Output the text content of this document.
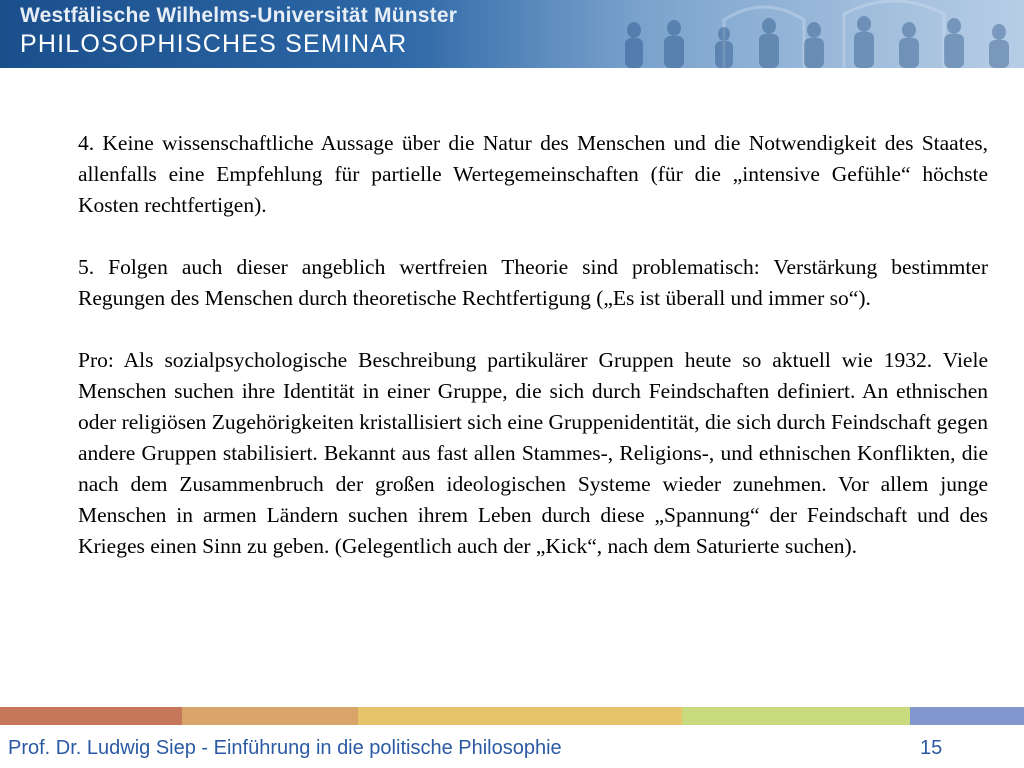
Westfälische Wilhelms-Universität Münster
PHILOSOPHISCHES SEMINAR

4. Keine wissenschaftliche Aussage über die Natur des Menschen und die Notwendigkeit des Staates, allenfalls eine Empfehlung für partielle Wertegemeinschaften (für die „intensive Gefühle“ höchste Kosten rechtfertigen).

5. Folgen auch dieser angeblich wertfreien Theorie sind problematisch: Verstärkung bestimmter Regungen des Menschen durch theoretische Rechtfertigung („Es ist überall und immer so“).

Pro: Als sozialpsychologische Beschreibung partikulärer Gruppen heute so aktuell wie 1932. Viele Menschen suchen ihre Identität in einer Gruppe, die sich durch Feindschaften definiert. An ethnischen oder religiösen Zugehörigkeiten kristallisiert sich eine Gruppenidentität, die sich durch Feindschaft gegen andere Gruppen stabilisiert. Bekannt aus fast allen Stammes-, Religions-, und ethnischen Konflikten, die nach dem Zusammenbruch der großen ideologischen Systeme wieder zunehmen. Vor allem junge Menschen in armen Ländern suchen ihrem Leben durch diese „Spannung“ der Feindschaft und des Krieges einen Sinn zu geben. (Gelegentlich auch der „Kick“, nach dem Saturierte suchen).

Prof. Dr. Ludwig Siep - Einführung in die politische Philosophie	15
